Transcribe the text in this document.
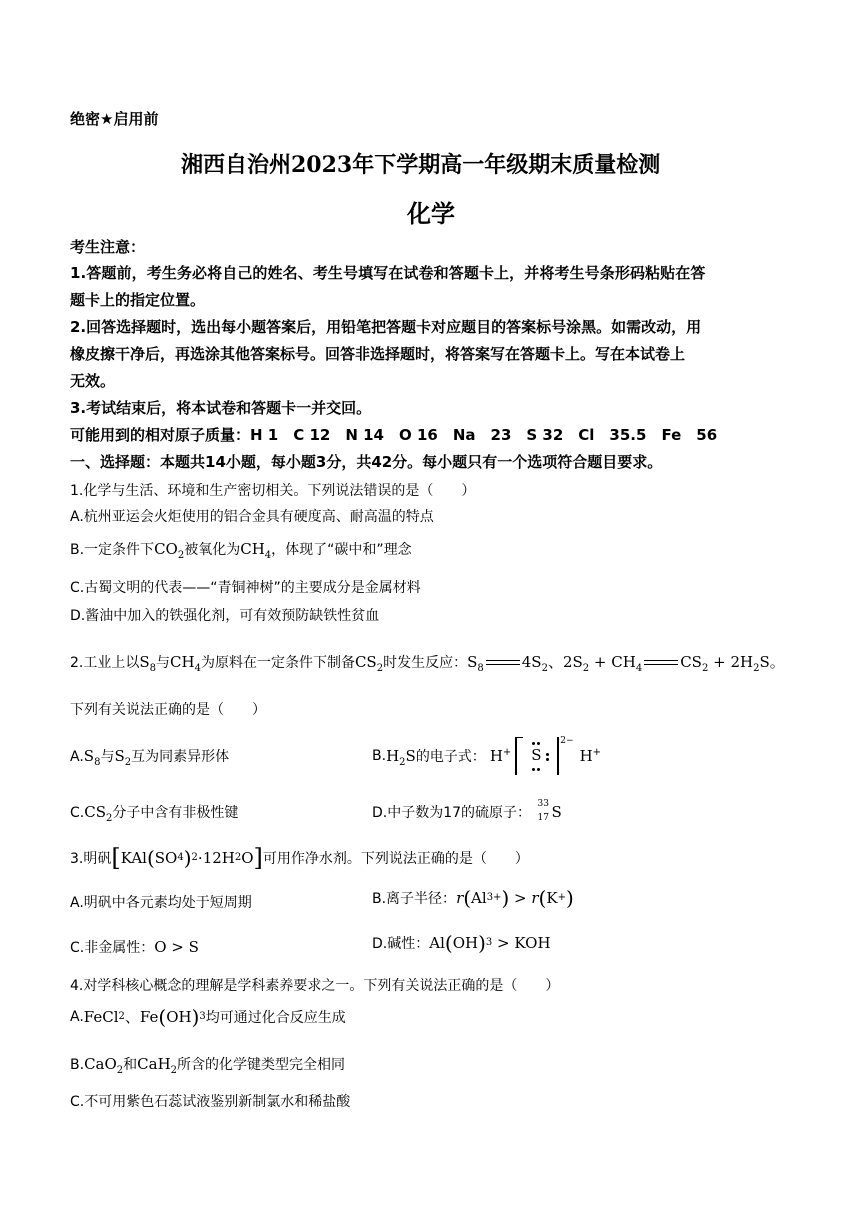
绝密★启用前
湘西自治州2023年下学期高一年级期末质量检测
化学
考生注意：
1.答题前，考生务必将自己的姓名、考生号填写在试卷和答题卡上，并将考生号条形码粘贴在答
题卡上的指定位置。
2.回答选择题时，选出每小题答案后，用铅笔把答题卡对应题目的答案标号涂黑。如需改动，用
橡皮擦干净后，再选涂其他答案标号。回答非选择题时，将答案写在答题卡上。写在本试卷上
无效。
3.考试结束后，将本试卷和答题卡一并交回。
可能用到的相对原子质量：H 1　C 12　N 14　O 16　Na　23　S 32　Cl　35.5　Fe　56
一、选择题：本题共14小题，每小题3分，共42分。每小题只有一个选项符合题目要求。
1.化学与生活、环境和生产密切相关。下列说法错误的是（　　）
A.杭州亚运会火炬使用的铝合金具有硬度高、耐高温的特点
B.一定条件下$CO_2$被氧化为$CH_4$，体现了“碳中和”理念
C.古蜀文明的代表——“青铜神树”的主要成分是金属材料
D.酱油中加入的铁强化剂，可有效预防缺铁性贫血
2.工业上以$S_8$与$CH_4$为原料在一定条件下制备$CS_2$时发生反应：$S_8$	$4S_2$、$2S_2 + CH_4$	$CS_2 + 2H_2S$。
下列有关说法正确的是（　　）
$A.S_8$与$S_2$互为同素异形体	B. $H_2S$ 的电子式： H+ S
2−
H+
$C.CS_2$分子中含有非极性键	D.中子数为17的硫原子：
33
17 S
3.明矾 [ KAl ( SO 4 ) 2 ·12H 2 O ] 可用作净水剂。下列说法正确的是（　　）
A.明矾中各元素均处于短周期	B.离子半径： r ( Al 3+ ) > r ( K + )
C.非金属性：O > S	D.碱性： Al ( OH ) 3
> KOH
4.对学科核心概念的理解是学科素养要求之一。下列有关说法正确的是（　　）
A. FeCl 2 、Fe ( OH ) 3 均可通过化合反应生成
B.CaO$_2$和CaH$_2$所含的化学键类型完全相同
C.不可用紫色石蕊试液鉴别新制氯水和稀盐酸
